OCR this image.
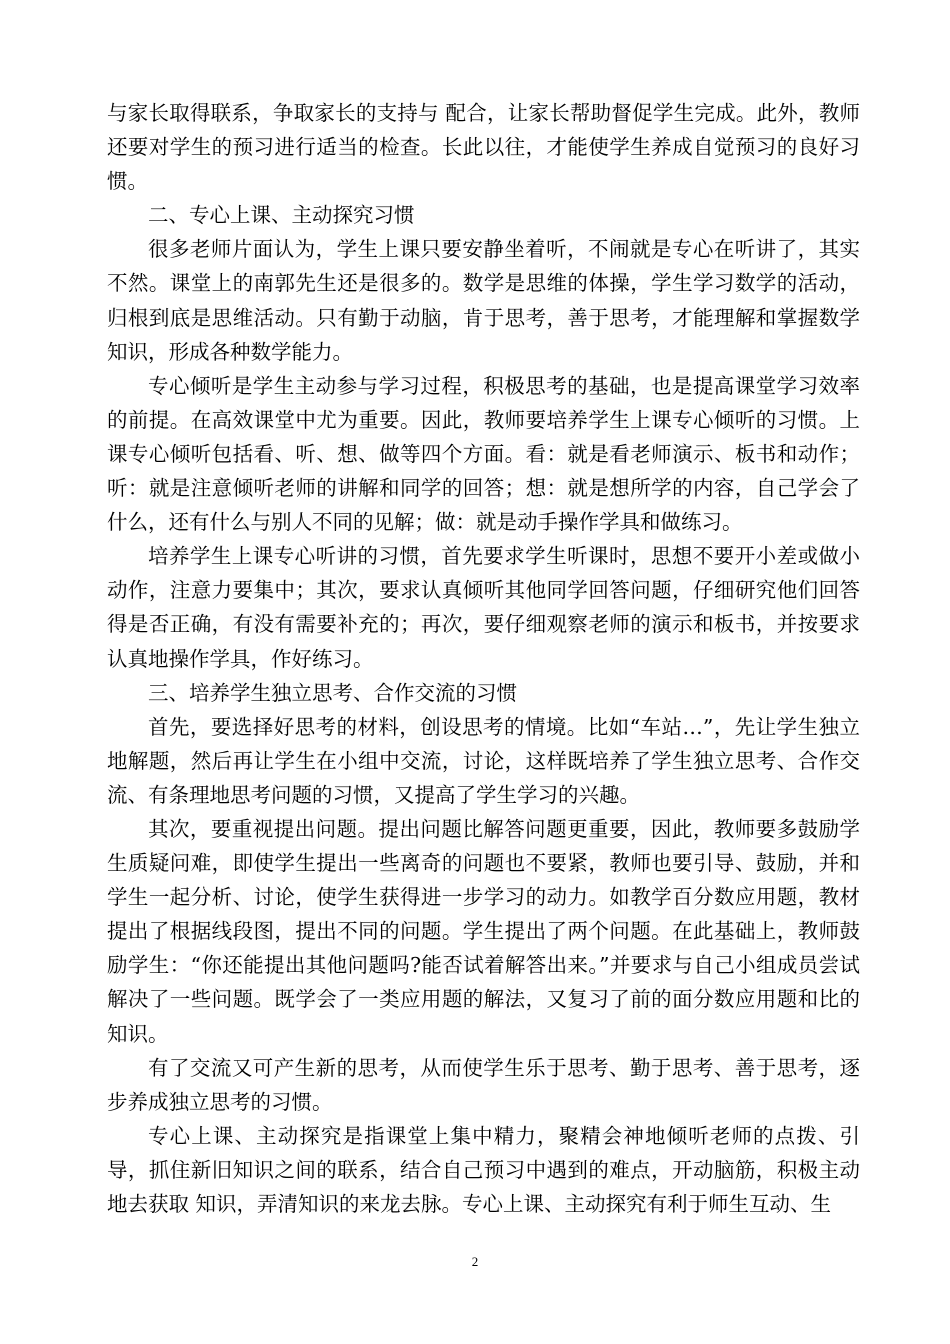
与家长取得联系，争取家长的支持与 配合，让家长帮助督促学生完成。此外，教师还要对学生的预习进行适当的检查。长此以往，才能使学生养成自觉预习的良好习惯。

二、专心上课、主动探究习惯

很多老师片面认为，学生上课只要安静坐着听，不闹就是专心在听讲了，其实不然。课堂上的南郭先生还是很多的。数学是思维的体操，学生学习数学的活动，归根到底是思维活动。只有勤于动脑，肯于思考，善于思考，才能理解和掌握数学知识，形成各种数学能力。

专心倾听是学生主动参与学习过程，积极思考的基础，也是提高课堂学习效率的前提。在高效课堂中尤为重要。因此，教师要培养学生上课专心倾听的习惯。上课专心倾听包括看、听、想、做等四个方面。看：就是看老师演示、板书和动作；听：就是注意倾听老师的讲解和同学的回答；想：就是想所学的内容，自己学会了什么，还有什么与别人不同的见解；做：就是动手操作学具和做练习。

培养学生上课专心听讲的习惯，首先要求学生听课时，思想不要开小差或做小动作，注意力要集中；其次，要求认真倾听其他同学回答问题，仔细研究他们回答得是否正确，有没有需要补充的；再次，要仔细观察老师的演示和板书，并按要求认真地操作学具，作好练习。

三、培养学生独立思考、合作交流的习惯

首先，要选择好思考的材料，创设思考的情境。比如“车站…”，先让学生独立地解题，然后再让学生在小组中交流，讨论，这样既培养了学生独立思考、合作交流、有条理地思考问题的习惯，又提高了学生学习的兴趣。

其次，要重视提出问题。提出问题比解答问题更重要，因此，教师要多鼓励学生质疑问难，即使学生提出一些离奇的问题也不要紧，教师也要引导、鼓励，并和学生一起分析、讨论，使学生获得进一步学习的动力。如教学百分数应用题，教材提出了根据线段图，提出不同的问题。学生提出了两个问题。在此基础上，教师鼓励学生：“你还能提出其他问题吗?能否试着解答出来。”并要求与自己小组成员尝试解决了一些问题。既学会了一类应用题的解法，又复习了前的面分数应用题和比的知识。

有了交流又可产生新的思考，从而使学生乐于思考、勤于思考、善于思考，逐步养成独立思考的习惯。

专心上课、主动探究是指课堂上集中精力，聚精会神地倾听老师的点拨、引导，抓住新旧知识之间的联系，结合自己预习中遇到的难点，开动脑筋，积极主动地去获取 知识，弄清知识的来龙去脉。专心上课、主动探究有利于师生互动、生

2
